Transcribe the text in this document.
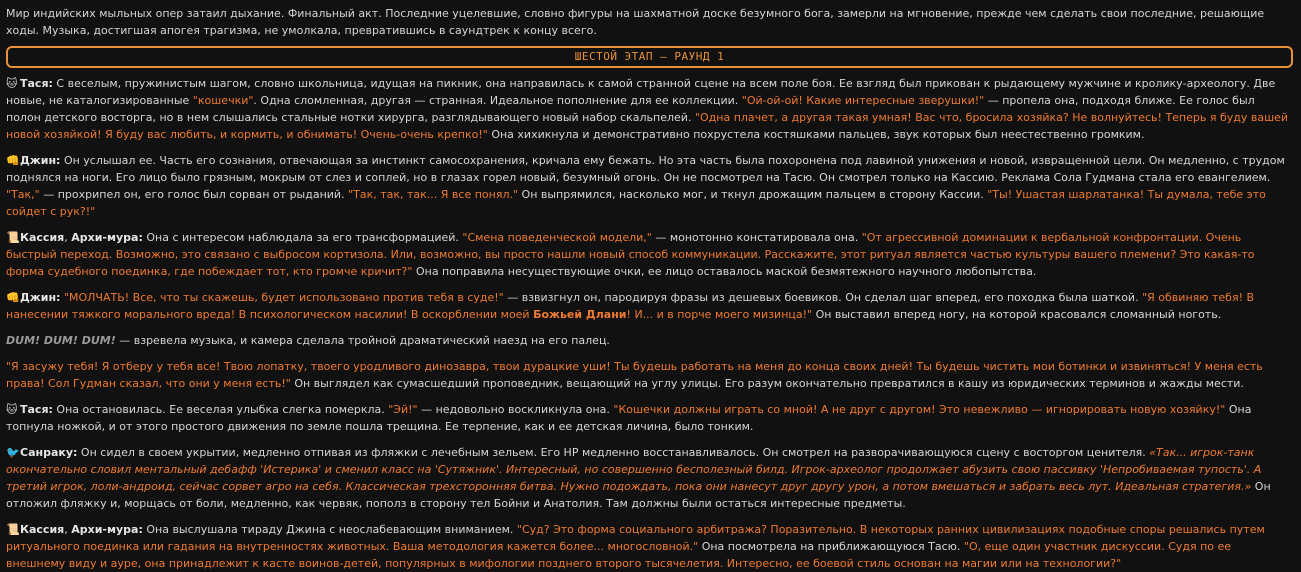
Мир индийских мыльных опер затаил дыхание. Финальный акт. Последние уцелевшие, словно фигуры на шахматной доске безумного бога, замерли на мгновение, прежде чем сделать свои последние, решающие ходы. Музыка, достигшая апогея трагизма, не умолкала, превратившись в саундтрек к концу всего.

ШЕСТОЙ ЭТАП – РАУНД 1

🐱 Тася: С веселым, пружинистым шагом, словно школьница, идущая на пикник, она направилась к самой странной сцене на всем поле боя. Ее взгляд был прикован к рыдающему мужчине и кролику-археологу. Две новые, не каталогизированные "кошечки". Одна сломленная, другая — странная. Идеальное пополнение для ее коллекции. "Ой-ой-ой! Какие интересные зверушки!" — пропела она, подходя ближе. Ее голос был полон детского восторга, но в нем слышались стальные нотки хирурга, разглядывающего новый набор скальпелей. "Одна плачет, а другая такая умная! Вас что, бросила хозяйка? Не волнуйтесь! Теперь я буду вашей новой хозяйкой! Я буду вас любить, и кормить, и обнимать! Очень-очень крепко!" Она хихикнула и демонстративно похрустела костяшками пальцев, звук которых был неестественно громким.

👊Джин: Он услышал ее. Часть его сознания, отвечающая за инстинкт самосохранения, кричала ему бежать. Но эта часть была похоронена под лавиной унижения и новой, извращенной цели. Он медленно, с трудом поднялся на ноги. Его лицо было грязным, мокрым от слез и соплей, но в глазах горел новый, безумный огонь. Он не посмотрел на Тасю. Он смотрел только на Кассию. Реклама Сола Гудмана стала его евангелием. "Так," — прохрипел он, его голос был сорван от рыданий. "Так, так, так... Я все понял." Он выпрямился, насколько мог, и ткнул дрожащим пальцем в сторону Кассии. "Ты! Ушастая шарлатанка! Ты думала, тебе это сойдет с рук?!"

📜Кассия, Архи-мура: Она с интересом наблюдала за его трансформацией. "Смена поведенческой модели," — монотонно констатировала она. "От агрессивной доминации к вербальной конфронтации. Очень быстрый переход. Возможно, это связано с выбросом кортизола. Или, возможно, вы просто нашли новый способ коммуникации. Расскажите, этот ритуал является частью культуры вашего племени? Это какая-то форма судебного поединка, где побеждает тот, кто громче кричит?" Она поправила несуществующие очки, ее лицо оставалось маской безмятежного научного любопытства.

👊Джин: "МОЛЧАТЬ! Все, что ты скажешь, будет использовано против тебя в суде!" — взвизгнул он, пародируя фразы из дешевых боевиков. Он сделал шаг вперед, его походка была шаткой. "Я обвиняю тебя! В нанесении тяжкого морального вреда! В психологическом насилии! В оскорблении моей Божьей Длани! И... и в порче моего мизинца!" Он выставил вперед ногу, на которой красовался сломанный ноготь.

DUM! DUM! DUM! — взревела музыка, и камера сделала тройной драматический наезд на его палец.

"Я засужу тебя! Я отберу у тебя все! Твою лопатку, твоего уродливого динозавра, твои дурацкие уши! Ты будешь работать на меня до конца своих дней! Ты будешь чистить мои ботинки и извиняться! У меня есть права! Сол Гудман сказал, что они у меня есть!" Он выглядел как сумасшедший проповедник, вещающий на углу улицы. Его разум окончательно превратился в кашу из юридических терминов и жажды мести.

🐱 Тася: Она остановилась. Ее веселая улыбка слегка померкла. "Эй!" — недовольно воскликнула она. "Кошечки должны играть со мной! А не друг с другом! Это невежливо — игнорировать новую хозяйку!" Она топнула ножкой, и от этого простого движения по земле пошла трещина. Ее терпение, как и ее детская личина, было тонким.

🐦Санраку: Он сидел в своем укрытии, медленно отпивая из фляжки с лечебным зельем. Его HP медленно восстанавливалось. Он смотрел на разворачивающуюся сцену с восторгом ценителя. «Так... игрок-танк окончательно словил ментальный дебафф 'Истерика' и сменил класс на 'Сутяжник'. Интересный, но совершенно бесполезный билд. Игрок-археолог продолжает абузить свою пассивку 'Непробиваемая тупость'. А третий игрок, лоли-андроид, сейчас сорвет агро на себя. Классическая трехсторонняя битва. Нужно подождать, пока они нанесут друг другу урон, а потом вмешаться и забрать весь лут. Идеальная стратегия.» Он отложил фляжку и, морщась от боли, медленно, как червяк, пополз в сторону тел Бойни и Анатолия. Там должны были остаться интересные предметы.

📜Кассия, Архи-мура: Она выслушала тираду Джина с неослабевающим вниманием. "Суд? Это форма социального арбитража? Поразительно. В некоторых ранних цивилизациях подобные споры решались путем ритуального поединка или гадания на внутренностях животных. Ваша методология кажется более... многословной." Она посмотрела на приближающуюся Тасю. "О, еще один участник дискуссии. Судя по ее внешнему виду и ауре, она принадлежит к касте воинов-детей, популярных в мифологии позднего второго тысячелетия. Интересно, ее боевой стиль основан на магии или на технологии?"
